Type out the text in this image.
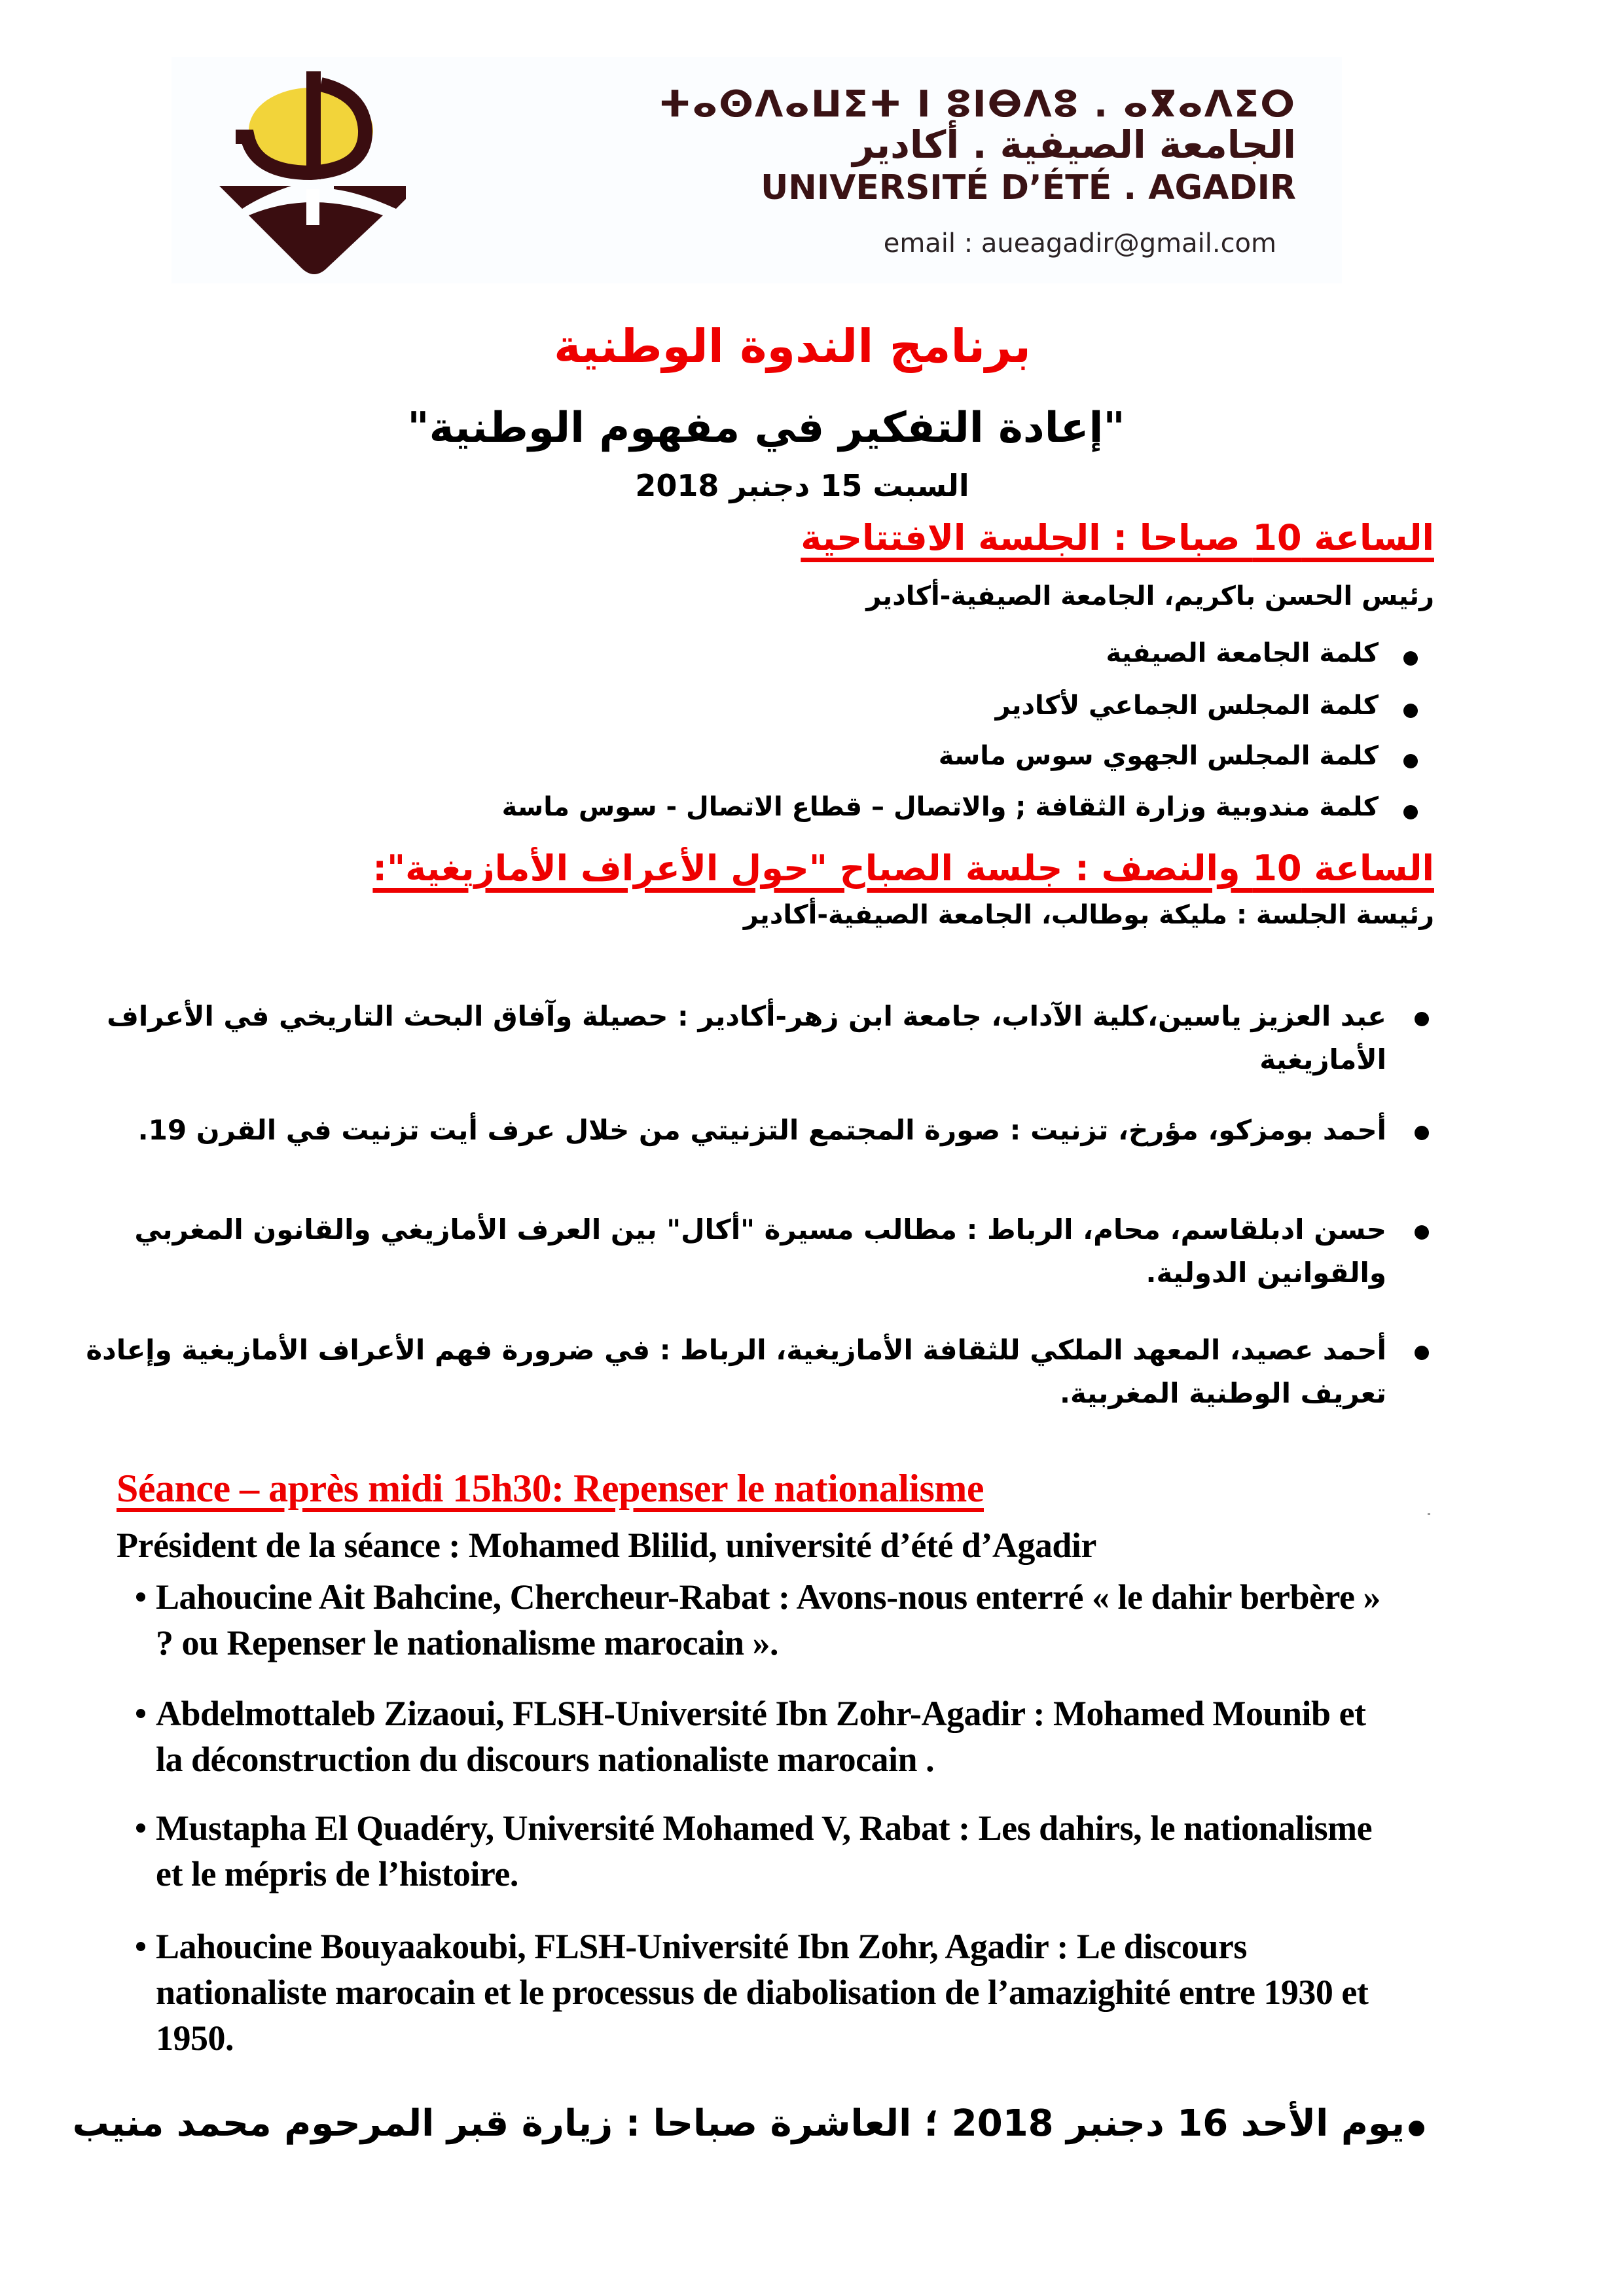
ⵜⴰⵙⴷⴰⵡⵉⵜ ⵏ ⵓⵏⴱⴷⵓ . ⴰⴳⴰⴷⵉⵔ
الجامعة الصيفية . أكادير
UNIVERSITÉ D’ÉTÉ . AGADIR
email : aueagadir@gmail.com
برنامج الندوة الوطنية
"إعادة التفكير في مفهوم الوطنية"
السبت 15 دجنبر 2018
الساعة 10 صباحا : الجلسة الافتتاحية
رئيس الحسن باكريم، الجامعة الصيفية-أكادير
كلمة الجامعة الصيفية
كلمة المجلس الجماعي لأكادير
كلمة المجلس الجهوي سوس ماسة
كلمة مندوبية وزارة الثقافة ; والاتصال – قطاع الاتصال - سوس ماسة
الساعة 10 والنصف : جلسة الصباح "حول الأعراف الأمازيغية":
رئيسة الجلسة : مليكة بوطالب، الجامعة الصيفية-أكادير
عبد العزيز ياسين،كلية الآداب، جامعة ابن زهر-أكادير : حصيلة وآفاق البحث التاريخي في الأعراف الأمازيغية
أحمد بومزكو، مؤرخ، تزنيت : صورة المجتمع التزنيتي من خلال عرف أيت تزنيت في القرن 19.
حسن ادبلقاسم، محام، الرباط : مطالب مسيرة "أكال" بين العرف الأمازيغي والقانون المغربي والقوانين الدولية.
أحمد عصيد، المعهد الملكي للثقافة الأمازيغية، الرباط : في ضرورة فهم الأعراف الأمازيغية وإعادة تعريف الوطنية المغربية.
Séance – après midi 15h30: Repenser le nationalisme
Président de la séance : Mohamed Blilid, université d’été d’Agadir
Lahoucine Ait Bahcine, Chercheur-Rabat : Avons-nous enterré « le dahir berbère » ? ou Repenser le nationalisme marocain ».
Abdelmottaleb Zizaoui, FLSH-Université Ibn Zohr-Agadir : Mohamed Mounib et la déconstruction du discours nationaliste marocain .
Mustapha El Quadéry, Université Mohamed V, Rabat : Les dahirs, le nationalisme et le mépris de l’histoire.
Lahoucine Bouyaakoubi, FLSH-Université Ibn Zohr, Agadir : Le discours nationaliste marocain et le processus de diabolisation de l’amazighité entre 1930 et 1950.
يوم الأحد 16 دجنبر 2018 ؛ العاشرة صباحا : زيارة قبر المرحوم محمد منيب
